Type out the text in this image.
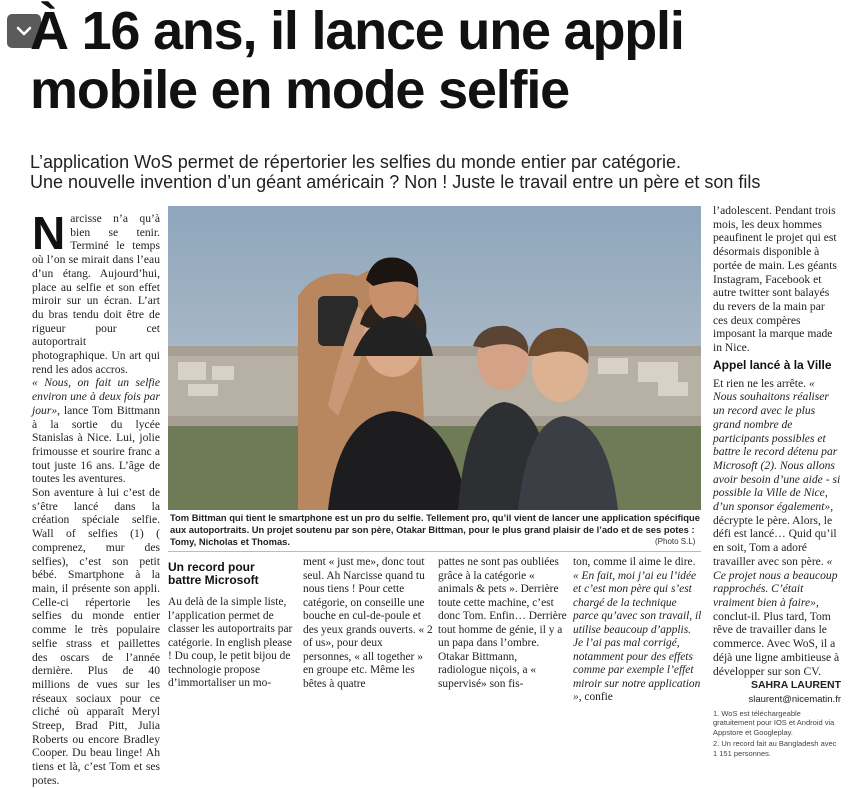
À 16 ans, il lance une appli
mobile en mode selfie
L’application WoS permet de répertorier les selfies du monde entier par catégorie.
Une nouvelle invention d’un géant américain ? Non ! Juste le travail entre un père et son fils

Narcisse n’a qu’à bien se tenir. Terminé le temps où l’on se mirait dans l’eau d’un étang. Aujourd’hui, place au selfie et son effet miroir sur un écran. L’art du bras tendu doit être de rigueur pour cet autoportrait photographique. Un art qui rend les ados accros.

« Nous, on fait un selfie environ une à deux fois par jour», lance Tom Bittmann à la sortie du lycée Stanislas à Nice. Lui, jolie frimousse et sourire franc a tout juste 16 ans. L’âge de toutes les aventures.

Son aventure à lui c’est de s’être lancé dans la création spéciale selfie. Wall of selfies (1) ( comprenez, mur des selfies), c’est son petit bébé. Smartphone à la main, il présente son appli. Celle-ci répertorie les selfies du monde entier comme le très populaire selfie strass et paillettes des oscars de l’année dernière. Plus de 40 millions de vues sur les réseaux sociaux pour ce cliché où apparaît Meryl Streep, Brad Pitt, Julia Roberts ou encore Bradley Cooper. Du beau linge! Ah tiens et là, c’est Tom et ses potes.

Tom Bittman qui tient le smartphone est un pro du selfie. Tellement pro, qu’il vient de lancer une application spécifique aux autoportraits. Un projet soutenu par son père, Otakar Bittman, pour le plus grand plaisir de l’ado et de ses potes : Tomy, Nicholas et Thomas.	(Photo S.L)
Un record pour battre Microsoft

Au delà de la simple liste, l’application permet de classer les autoportraits par catégorie. In english please ! Du coup, le petit bijou de technologie propose d’immortaliser un mo-

ment « just me», donc tout seul. Ah Narcisse quand tu nous tiens ! Pour cette catégorie, on conseille une bouche en cul-de-poule et des yeux grands ouverts. « 2 of us», pour deux personnes, « all together » en groupe etc. Même les bêtes à quatre

pattes ne sont pas oubliées grâce à la catégorie « animals & pets ». Derrière toute cette machine, c’est donc Tom. Enfin… Derrière tout homme de génie, il y a un papa dans l’ombre. Otakar Bittmann, radiologue niçois, a « supervisé» son fis-

ton, comme il aime le dire. « En fait, moi j’ai eu l’idée et c’est mon père qui s’est chargé de la technique parce qu’avec son travail, il utilise beaucoup d’applis. Je l’ai pas mal corrigé, notamment pour des effets comme par exemple l’effet miroir sur notre application », confie

l’adolescent. Pendant trois mois, les deux hommes peaufinent le projet qui est désormais disponible à portée de main. Les géants Instagram, Facebook et autre twitter sont balayés du revers de la main par ces deux compères imposant la marque made in Nice.

Appel lancé à la Ville

Et rien ne les arrête. « Nous souhaitons réaliser un record avec le plus grand nombre de participants possibles et battre le record détenu par Microsoft (2). Nous allons avoir besoin d’une aide - si possible la Ville de Nice, d’un sponsor également», décrypte le père. Alors, le défi est lancé… Quid qu’il en soit, Tom a adoré travailler avec son père. « Ce projet nous a beaucoup rapprochés. C’était vraiment bien à faire», conclut-il. Plus tard, Tom rêve de travailler dans le commerce. Avec WoS, il a déjà une ligne ambitieuse à développer sur son CV.

SAHRA LAURENT
slaurent@nicematin.fr
1. WoS est téléchargeable gratuitement pour IOS et Android via Appstore et Googleplay.
2. Un record fait au Bangladesh avec 1 151 personnes.
